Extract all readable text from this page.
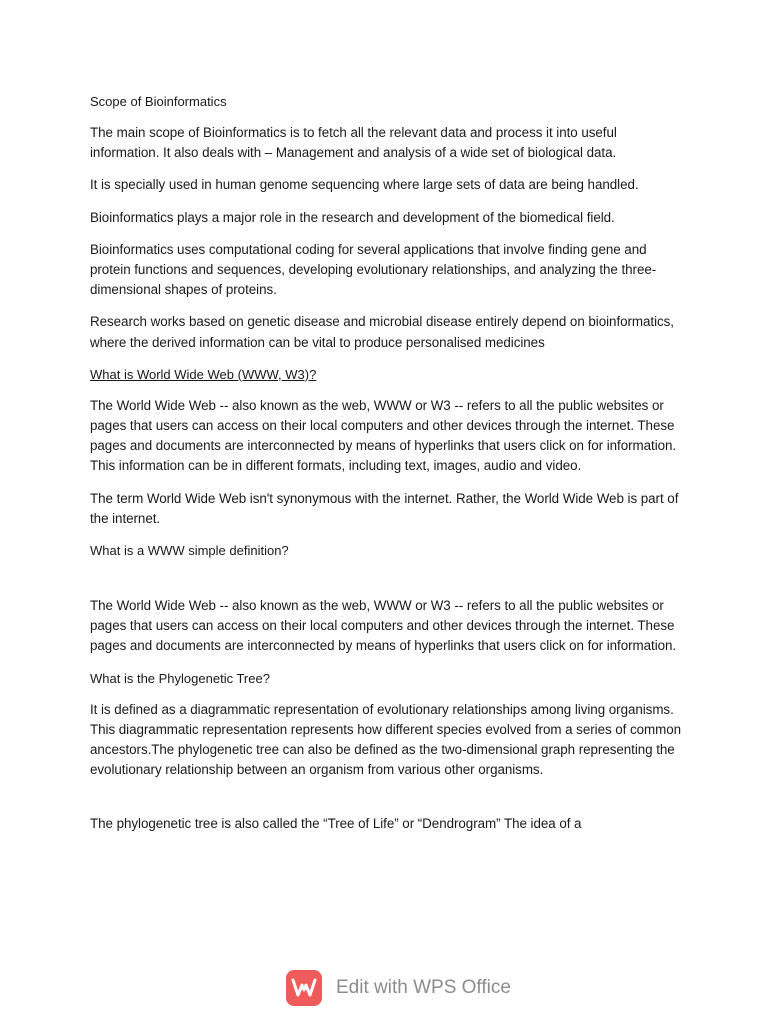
Scope of Bioinformatics

The main scope of Bioinformatics is to fetch all the relevant data and process it into useful information. It also deals with – Management and analysis of a wide set of biological data.

It is specially used in human genome sequencing where large sets of data are being handled.

Bioinformatics plays a major role in the research and development of the biomedical field.

Bioinformatics uses computational coding for several applications that involve finding gene and protein functions and sequences, developing evolutionary relationships, and analyzing the three-dimensional shapes of proteins.

Research works based on genetic disease and microbial disease entirely depend on bioinformatics, where the derived information can be vital to produce personalised medicines

What is World Wide Web (WWW, W3)?

The World Wide Web -- also known as the web, WWW or W3 -- refers to all the public websites or pages that users can access on their local computers and other devices through the internet. These pages and documents are interconnected by means of hyperlinks that users click on for information. This information can be in different formats, including text, images, audio and video.

The term World Wide Web isn't synonymous with the internet. Rather, the World Wide Web is part of the internet.

What is a WWW simple definition?

The World Wide Web -- also known as the web, WWW or W3 -- refers to all the public websites or pages that users can access on their local computers and other devices through the internet. These pages and documents are interconnected by means of hyperlinks that users click on for information.

What is the Phylogenetic Tree?

It is defined as a diagrammatic representation of evolutionary relationships among living organisms. This diagrammatic representation represents how different species evolved from a series of common ancestors.The phylogenetic tree can also be defined as the two-dimensional graph representing the evolutionary relationship between an organism from various other organisms.

The phylogenetic tree is also called the “Tree of Life” or “Dendrogram” The idea of a

Edit with WPS Office
